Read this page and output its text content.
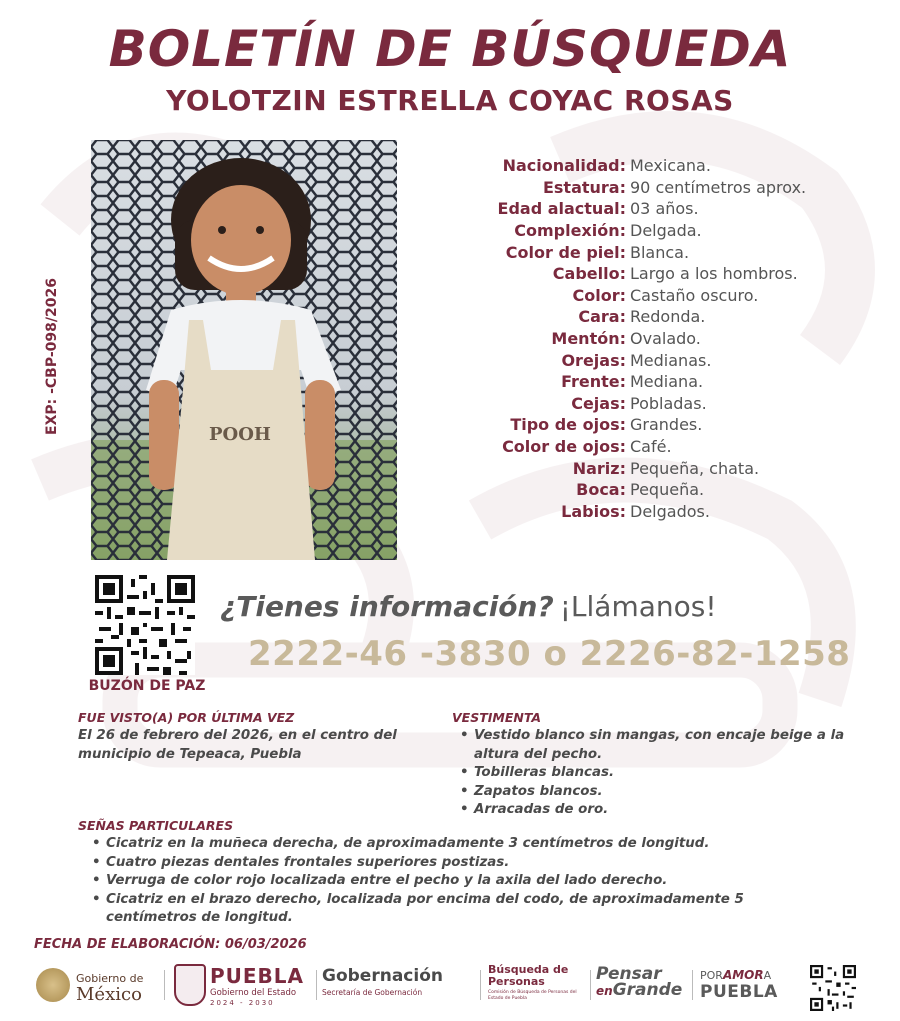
BOLETÍN DE BÚSQUEDA
YOLOTZIN ESTRELLA COYAC ROSAS
EXP: -CBP-098/2026	POOH
Nacionalidad: Mexicana.
Estatura: 90 centímetros aprox.
Edad alactual: 03 años.
Complexión: Delgada.
Color de piel: Blanca.
Cabello: Largo a los hombros.
Color: Castaño oscuro.
Cara: Redonda.
Mentón: Ovalado.
Orejas: Medianas.
Frente: Mediana.
Cejas: Pobladas.
Tipo de ojos: Grandes.
Color de ojos: Café.
Nariz: Pequeña, chata.
Boca: Pequeña.
Labios: Delgados.
BUZÓN DE PAZ
¿Tienes información? ¡Llámanos!
2222-46 -3830 o 2226-82-1258
FUE VISTO(A) POR ÚLTIMA VEZ
El 26 de febrero del 2026, en el centro del
municipio de Tepeaca, Puebla
VESTIMENTA
• Vestido blanco sin mangas, con encaje beige a la altura del pecho.
• Tobilleras blancas.
• Zapatos blancos.
• Arracadas de oro.
SEÑAS PARTICULARES
• Cicatriz en la muñeca derecha, de aproximadamente 3 centímetros de longitud.
• Cuatro piezas dentales frontales superiores postizas.
• Verruga de color rojo localizada entre el pecho y la axila del lado derecho.
• Cicatriz en el brazo derecho, localizada por encima del codo, de aproximadamente 5 centímetros de longitud.
FECHA DE ELABORACIÓN: 06/03/2026
Gobierno de
México
PUEBLA
Gobierno del Estado
2024 - 2030
Gobernación
Secretaría de Gobernación
Búsqueda de Personas
Comisión de Búsqueda de Personas del Estado de Puebla
Pensar
enGrande
PORAMORA
PUEBLA
